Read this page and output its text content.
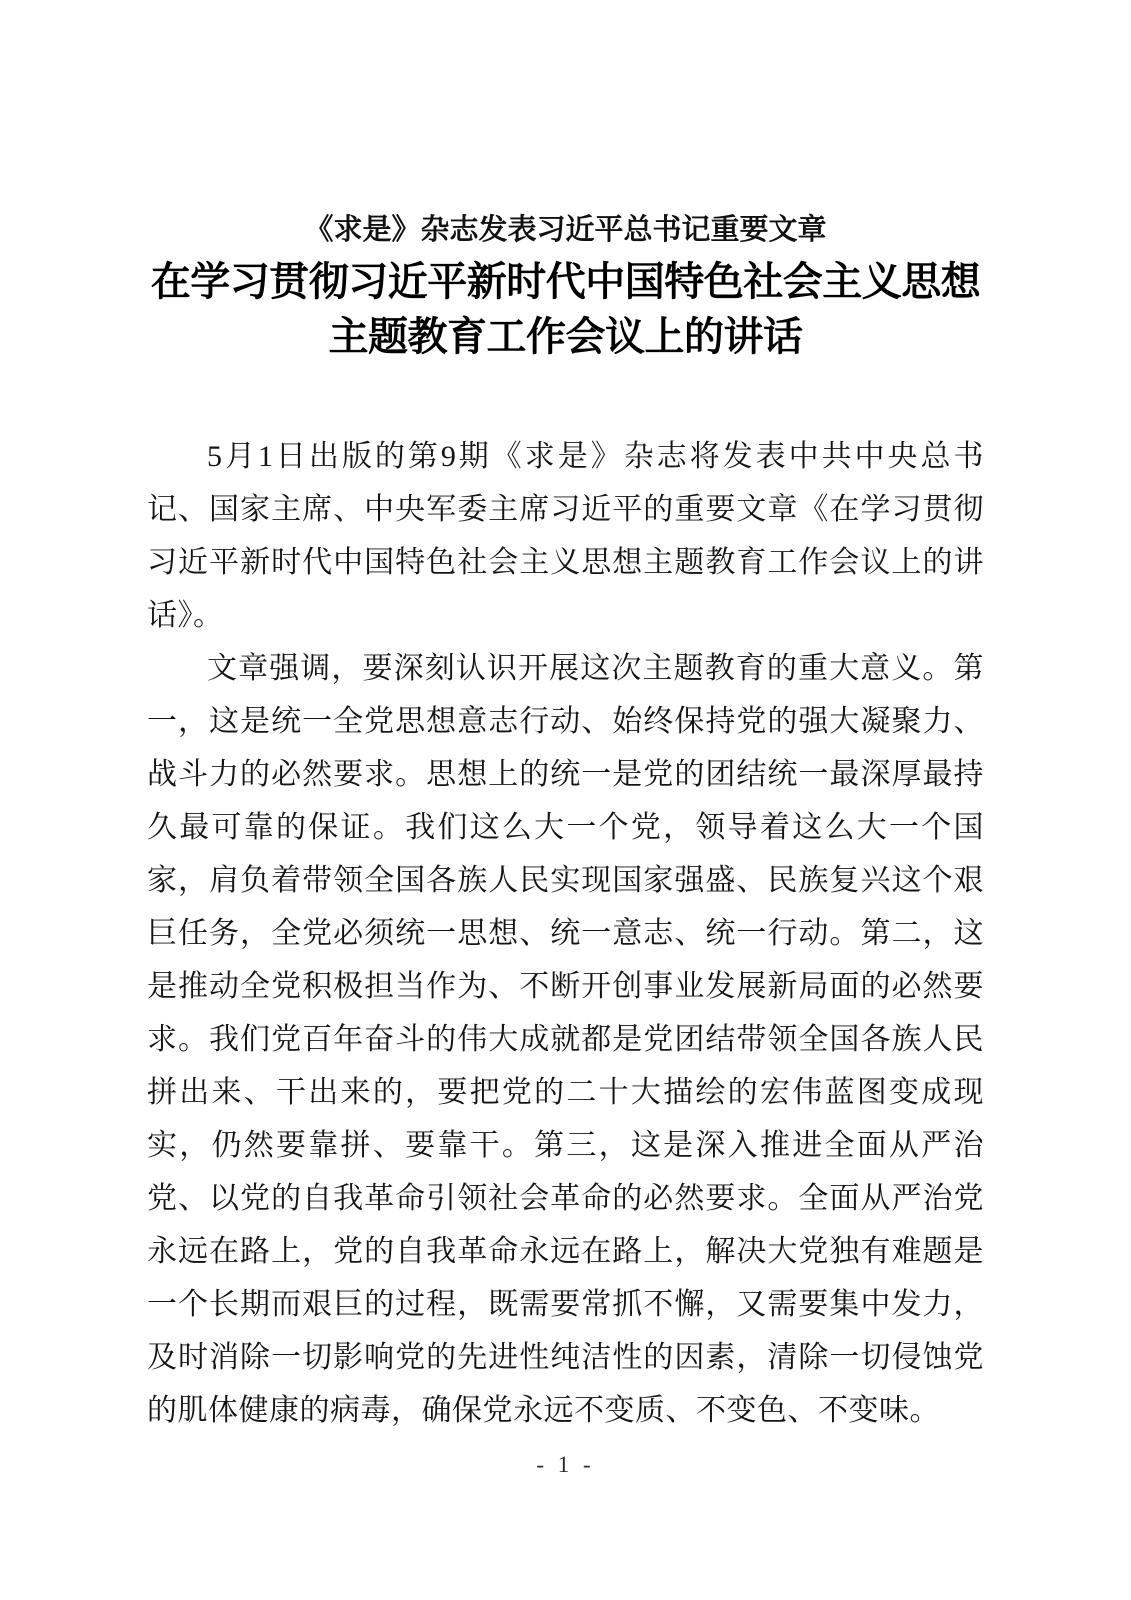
《求是》杂志发表习近平总书记重要文章
在学习贯彻习近平新时代中国特色社会主义思想
主题教育工作会议上的讲话

5月1日出版的第9期《求是》杂志将发表中共中央总书记、国家主席、中央军委主席习近平的重要文章《在学习贯彻习近平新时代中国特色社会主义思想主题教育工作会议上的讲话》。

文章强调，要深刻认识开展这次主题教育的重大意义。第一，这是统一全党思想意志行动、始终保持党的强大凝聚力、战斗力的必然要求。思想上的统一是党的团结统一最深厚最持久最可靠的保证。我们这么大一个党，领导着这么大一个国家，肩负着带领全国各族人民实现国家强盛、民族复兴这个艰巨任务，全党必须统一思想、统一意志、统一行动。第二，这是推动全党积极担当作为、不断开创事业发展新局面的必然要求。我们党百年奋斗的伟大成就都是党团结带领全国各族人民拼出来、干出来的，要把党的二十大描绘的宏伟蓝图变成现实，仍然要靠拼、要靠干。第三，这是深入推进全面从严治党、以党的自我革命引领社会革命的必然要求。全面从严治党永远在路上，党的自我革命永远在路上，解决大党独有难题是一个长期而艰巨的过程，既需要常抓不懈，又需要集中发力，及时消除一切影响党的先进性纯洁性的因素，清除一切侵蚀党的肌体健康的病毒，确保党永远不变质、不变色、不变味。

- 1 -
